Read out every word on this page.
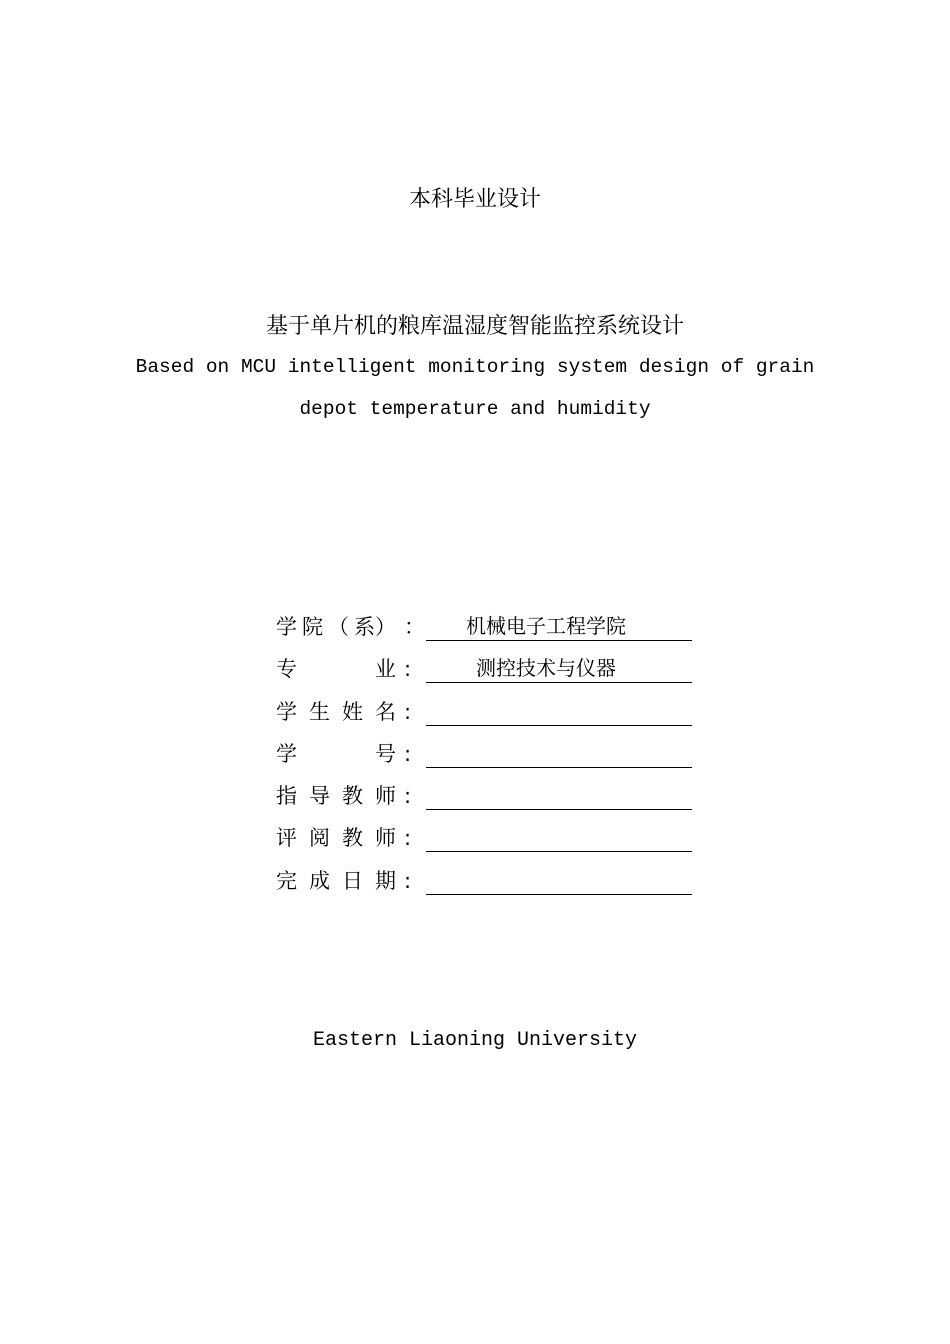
本科毕业设计
基于单片机的粮库温湿度智能监控系统设计
Based on MCU intelligent monitoring system design of grain
depot temperature and humidity
学 院 （ 系） ：	机械电子工程学院
专	业 :	测控技术与仪器
学 生 姓 名 :
学	号 :
指 导 教 师 :
评 阅 教 师 :
完 成 日 期 :
Eastern Liaoning University
